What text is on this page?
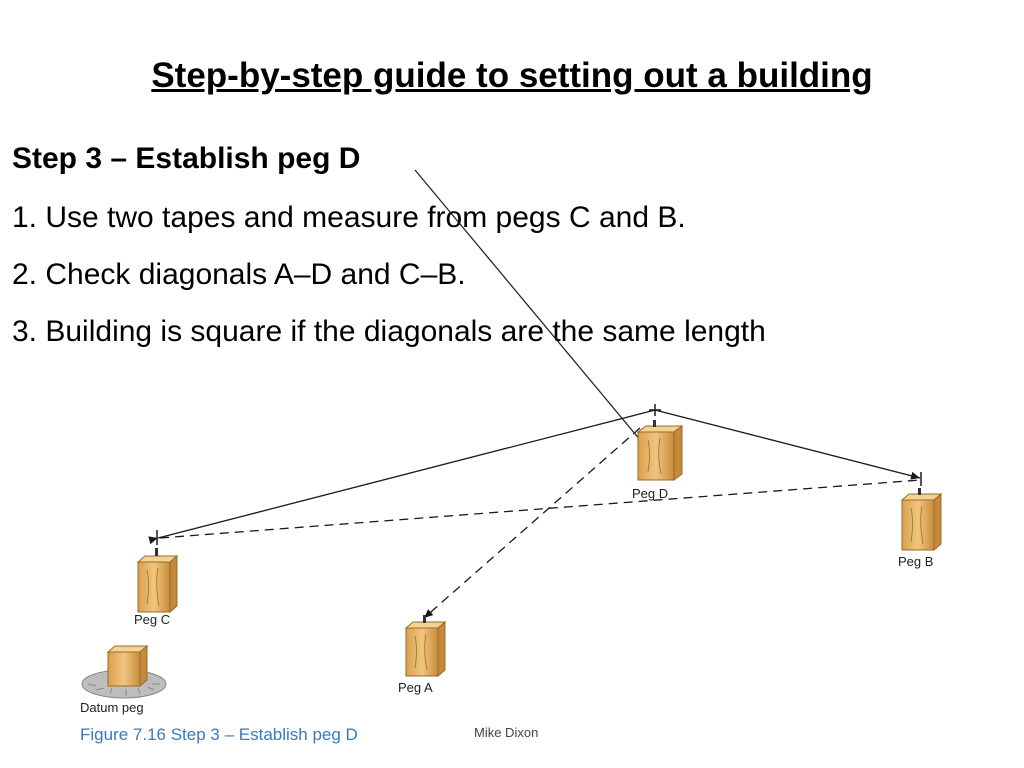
Step-by-step guide to setting out a building

Step 3 – Establish peg D

1. Use two tapes and measure from pegs C and B.
2. Check diagonals A–D and C–B.
3. Building is square if the diagonals are the same length
Peg D
Peg B
Peg C
Peg A
Datum peg

Figure 7.16 Step 3 – Establish peg D	Mike Dixon
